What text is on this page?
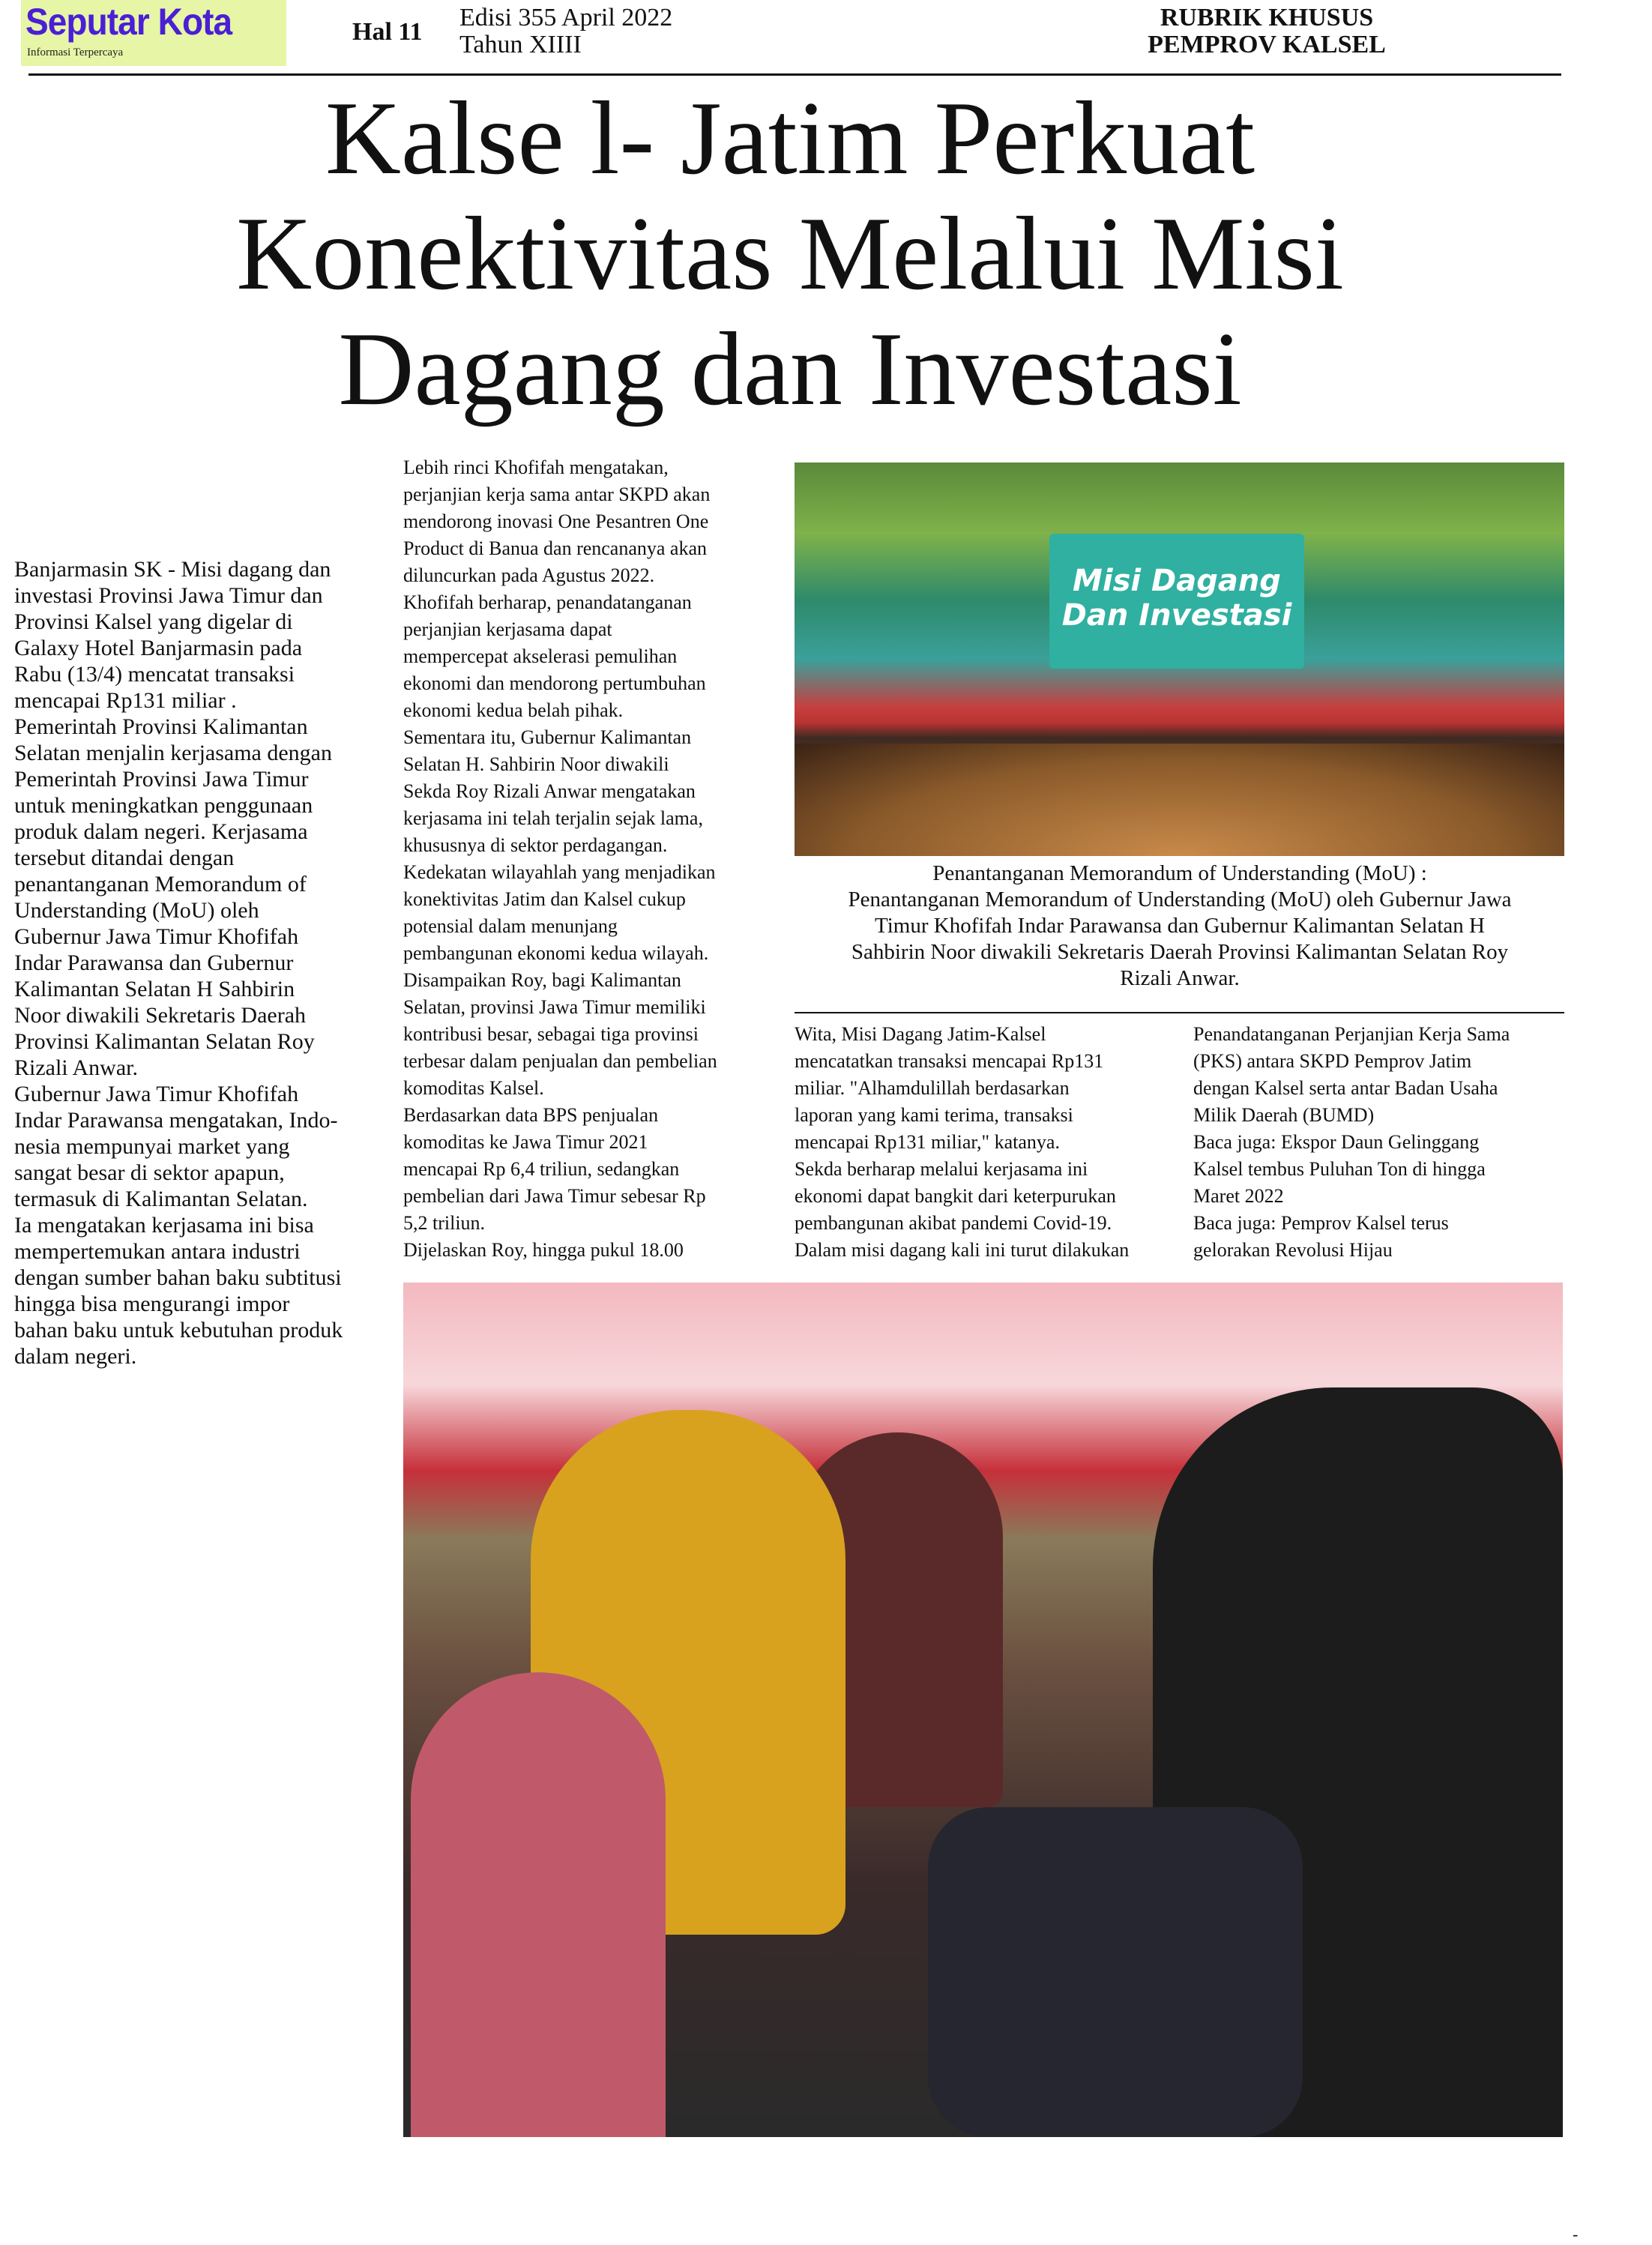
Seputar Kota
Informasi Terpercaya
Hal 11
Edisi 355 April 2022
Tahun XIIII
RUBRIK KHUSUS
PEMPROV KALSEL
Kalse l- Jatim Perkuat
Konektivitas Melalui Misi
Dagang dan Investasi
Banjarmasin SK - Misi dagang dan
investasi Provinsi Jawa Timur dan
Provinsi Kalsel yang digelar di
Galaxy Hotel Banjarmasin pada
Rabu (13/4) mencatat transaksi
mencapai Rp131 miliar .
Pemerintah Provinsi Kalimantan
Selatan menjalin kerjasama dengan
Pemerintah Provinsi Jawa Timur
untuk meningkatkan penggunaan
produk dalam negeri. Kerjasama
tersebut ditandai dengan
penantanganan Memorandum of
Understanding (MoU) oleh
Gubernur Jawa Timur Khofifah
Indar Parawansa dan Gubernur
Kalimantan Selatan H Sahbirin
Noor diwakili Sekretaris Daerah
Provinsi Kalimantan Selatan Roy
Rizali Anwar.
Gubernur Jawa Timur Khofifah
Indar Parawansa mengatakan, Indo-
nesia mempunyai market yang
sangat besar di sektor apapun,
termasuk di Kalimantan Selatan.
Ia mengatakan kerjasama ini bisa
mempertemukan antara industri
dengan sumber bahan baku subtitusi
hingga bisa mengurangi impor
bahan baku untuk kebutuhan produk
dalam negeri.
Lebih rinci Khofifah mengatakan,
perjanjian kerja sama antar SKPD akan
mendorong inovasi One Pesantren One
Product di Banua dan rencananya akan
diluncurkan pada Agustus 2022.
Khofifah berharap, penandatanganan
perjanjian kerjasama dapat
mempercepat akselerasi pemulihan
ekonomi dan mendorong pertumbuhan
ekonomi kedua belah pihak.
Sementara itu, Gubernur Kalimantan
Selatan H. Sahbirin Noor diwakili
Sekda Roy Rizali Anwar mengatakan
kerjasama ini telah terjalin sejak lama,
khususnya di sektor perdagangan.
Kedekatan wilayahlah yang menjadikan
konektivitas Jatim dan Kalsel cukup
potensial dalam menunjang
pembangunan ekonomi kedua wilayah.
Disampaikan Roy, bagi Kalimantan
Selatan, provinsi Jawa Timur memiliki
kontribusi besar, sebagai tiga provinsi
terbesar dalam penjualan dan pembelian
komoditas Kalsel.
Berdasarkan data BPS penjualan
komoditas ke Jawa Timur 2021
mencapai Rp 6,4 triliun, sedangkan
pembelian dari Jawa Timur sebesar Rp
5,2 triliun.
Dijelaskan Roy, hingga pukul 18.00
Misi Dagang Dan Investasi
Penantanganan Memorandum of Understanding (MoU) :
Penantanganan Memorandum of Understanding (MoU) oleh Gubernur Jawa
Timur Khofifah Indar Parawansa dan Gubernur Kalimantan Selatan H
Sahbirin Noor diwakili Sekretaris Daerah Provinsi Kalimantan Selatan Roy
Rizali Anwar.
Wita, Misi Dagang Jatim-Kalsel
mencatatkan transaksi mencapai Rp131
miliar. "Alhamdulillah berdasarkan
laporan yang kami terima, transaksi
mencapai Rp131 miliar," katanya.
Sekda berharap melalui kerjasama ini
ekonomi dapat bangkit dari keterpurukan
pembangunan akibat pandemi Covid-19.
Dalam misi dagang kali ini turut dilakukan
Penandatanganan Perjanjian Kerja Sama
(PKS) antara SKPD Pemprov Jatim
dengan Kalsel serta antar Badan Usaha
Milik Daerah (BUMD)
Baca juga: Ekspor Daun Gelinggang
Kalsel tembus Puluhan Ton di hingga
Maret 2022
Baca juga: Pemprov Kalsel terus
gelorakan Revolusi Hijau
-
